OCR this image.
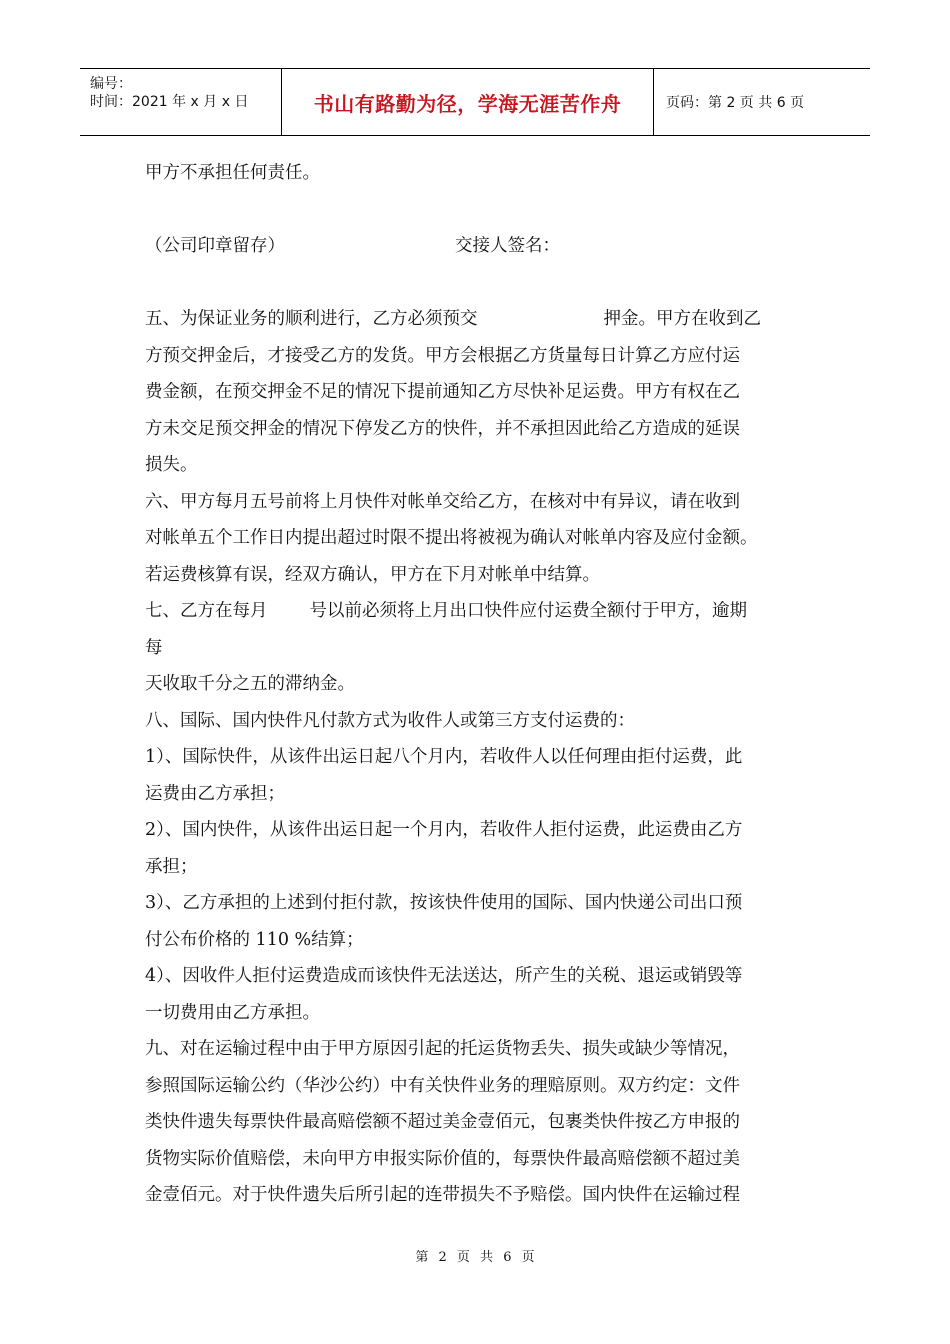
编号：
时间：2021 年 x 月 x 日	书山有路勤为径，学海无涯苦作舟	页码：第 2 页 共 6 页
甲方不承担任何责任。
（公司印章留存）	交接人签名：
五、为保证业务的顺利进行，乙方必须预交	押金。甲方在收到乙
方预交押金后，才接受乙方的发货。甲方会根据乙方货量每日计算乙方应付运
费金额，在预交押金不足的情况下提前通知乙方尽快补足运费。甲方有权在乙
方未交足预交押金的情况下停发乙方的快件，并不承担因此给乙方造成的延误
损失。
六、甲方每月五号前将上月快件对帐单交给乙方，在核对中有异议，请在收到
对帐单五个工作日内提出超过时限不提出将被视为确认对帐单内容及应付金额。
若运费核算有误，经双方确认，甲方在下月对帐单中结算。
七、乙方在每月 号以前必须将上月出口快件应付运费全额付于甲方，逾期
每
天收取千分之五的滞纳金。
八、国际、国内快件凡付款方式为收件人或第三方支付运费的：
1）、国际快件，从该件出运日起八个月内，若收件人以任何理由拒付运费，此
运费由乙方承担；
2）、国内快件，从该件出运日起一个月内，若收件人拒付运费，此运费由乙方
承担；
3）、乙方承担的上述到付拒付款，按该快件使用的国际、国内快递公司出口预
付公布价格的 110 %结算；
4）、因收件人拒付运费造成而该快件无法送达，所产生的关税、退运或销毁等
一切费用由乙方承担。
九、对在运输过程中由于甲方原因引起的托运货物丢失、损失或缺少等情况，
参照国际运输公约（华沙公约）中有关快件业务的理赔原则。双方约定：文件
类快件遗失每票快件最高赔偿额不超过美金壹佰元，包裹类快件按乙方申报的
货物实际价值赔偿，未向甲方申报实际价值的，每票快件最高赔偿额不超过美
金壹佰元。对于快件遗失后所引起的连带损失不予赔偿。国内快件在运输过程
第 2 页 共 6 页
